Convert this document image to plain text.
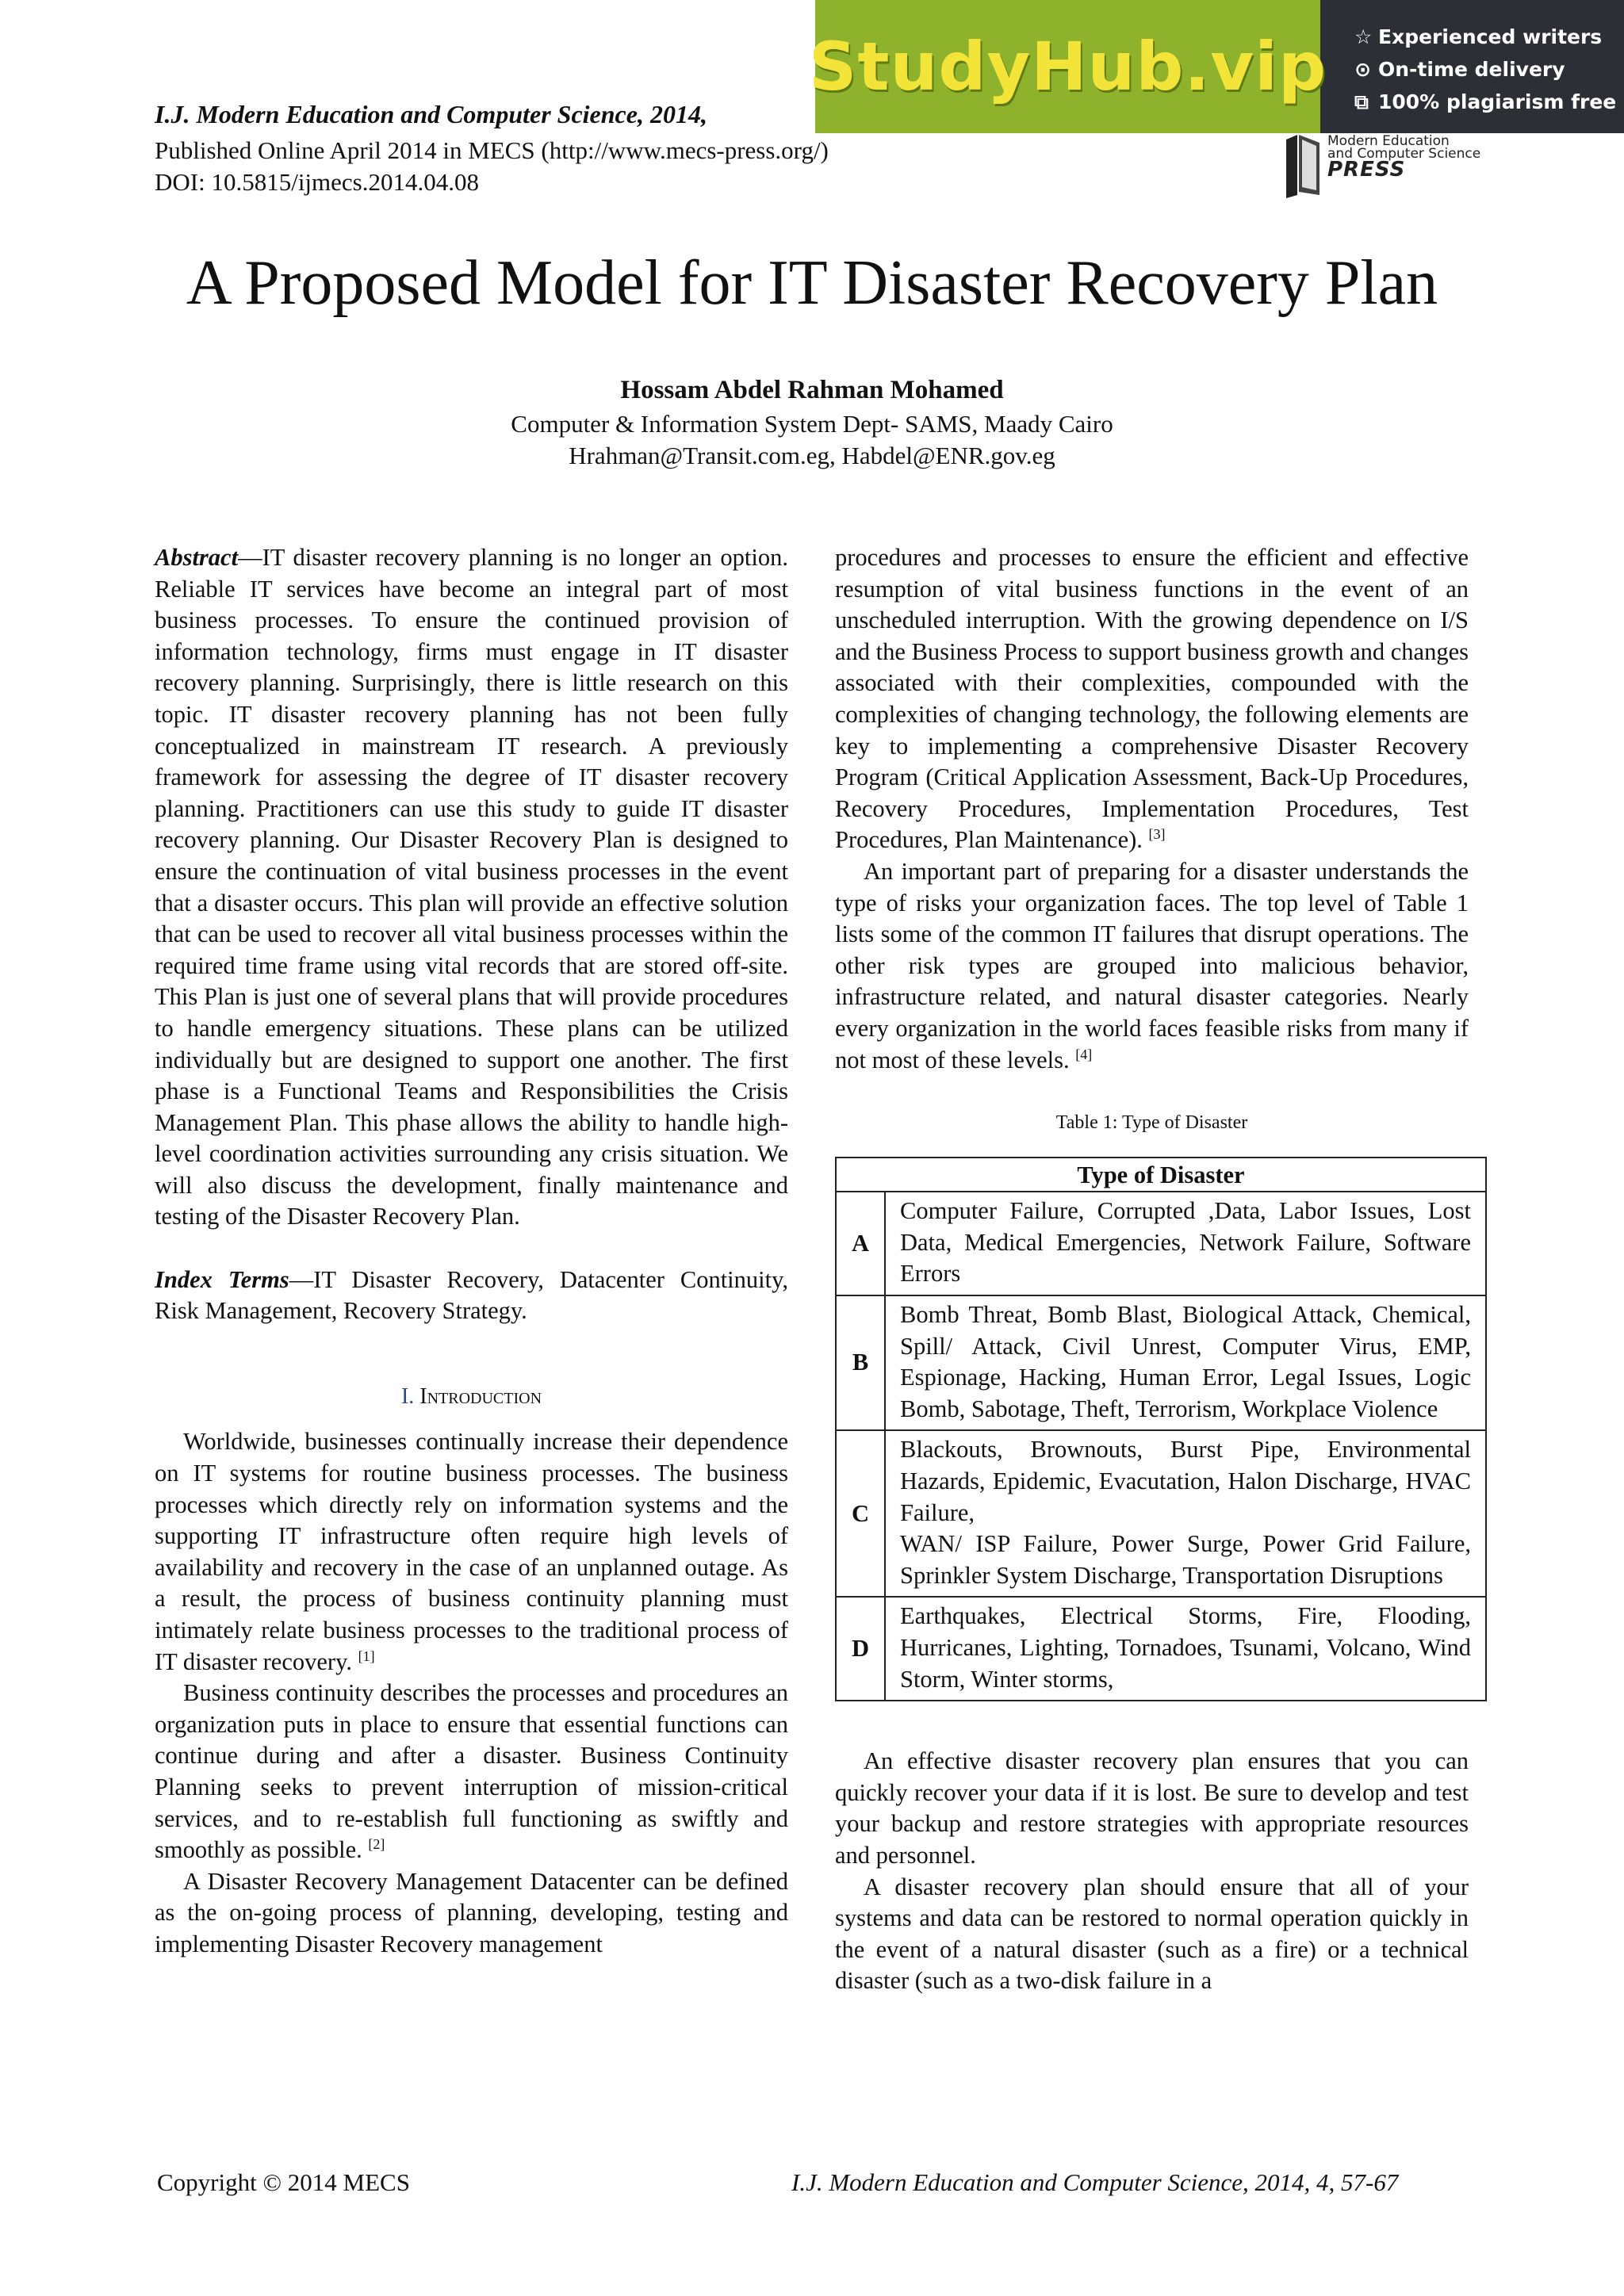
I.J. Modern Education and Computer Science, 2014,
Published Online April 2014 in MECS (http://www.mecs-press.org/)
DOI: 10.5815/ijmecs.2014.04.08
StudyHub.vip ☆ Experienced writers
⊙ On-time delivery
⧉ 100% plagiarism free
Modern Education
and Computer Science
PRESS
A Proposed Model for IT Disaster Recovery Plan
Hossam Abdel Rahman Mohamed
Computer & Information System Dept- SAMS, Maady Cairo
Hrahman@Transit.com.eg, Habdel@ENR.gov.eg

Abstract—IT disaster recovery planning is no longer an option. Reliable IT services have become an integral part of most business processes. To ensure the continued provision of information technology, firms must engage in IT disaster recovery planning. Surprisingly, there is little research on this topic. IT disaster recovery planning has not been fully conceptualized in mainstream IT research. A previously framework for assessing the degree of IT disaster recovery planning. Practitioners can use this study to guide IT disaster recovery planning. Our Disaster Recovery Plan is designed to ensure the continuation of vital business processes in the event that a disaster occurs. This plan will provide an effective solution that can be used to recover all vital business processes within the required time frame using vital records that are stored off-site. This Plan is just one of several plans that will provide procedures to handle emergency situations. These plans can be utilized individually but are designed to support one another. The first phase is a Functional Teams and Responsibilities the Crisis Management Plan. This phase allows the ability to handle high-level coordination activities surrounding any crisis situation. We will also discuss the development, finally maintenance and testing of the Disaster Recovery Plan.

Index Terms—IT Disaster Recovery, Datacenter Continuity, Risk Management, Recovery Strategy.

I. Introduction

Worldwide, businesses continually increase their dependence on IT systems for routine business processes. The business processes which directly rely on information systems and the supporting IT infrastructure often require high levels of availability and recovery in the case of an unplanned outage. As a result, the process of business continuity planning must intimately relate business processes to the traditional process of IT disaster recovery. [1]

Business continuity describes the processes and procedures an organization puts in place to ensure that essential functions can continue during and after a disaster. Business Continuity Planning seeks to prevent interruption of mission-critical services, and to re-establish full functioning as swiftly and smoothly as possible. [2]

A Disaster Recovery Management Datacenter can be defined as the on-going process of planning, developing, testing and implementing Disaster Recovery management

procedures and processes to ensure the efficient and effective resumption of vital business functions in the event of an unscheduled interruption. With the growing dependence on I/S and the Business Process to support business growth and changes associated with their complexities, compounded with the complexities of changing technology, the following elements are key to implementing a comprehensive Disaster Recovery Program (Critical Application Assessment, Back-Up Procedures, Recovery Procedures, Implementation Procedures, Test Procedures, Plan Maintenance). [3]

An important part of preparing for a disaster understands the type of risks your organization faces. The top level of Table 1 lists some of the common IT failures that disrupt operations. The other risk types are grouped into malicious behavior, infrastructure related, and natural disaster categories. Nearly every organization in the world faces feasible risks from many if not most of these levels. [4]

Table 1: Type of Disaster
Type of Disaster	
A	Computer Failure, Corrupted ,Data, Labor Issues, Lost Data, Medical Emergencies, Network Failure, Software Errors
B	Bomb Threat, Bomb Blast, Biological Attack, Chemical, Spill/ Attack, Civil Unrest, Computer Virus, EMP, Espionage, Hacking, Human Error, Legal Issues, Logic Bomb, Sabotage, Theft, Terrorism, Workplace Violence
C	Blackouts, Brownouts, Burst Pipe, Environmental Hazards, Epidemic, Evacutation, Halon Discharge, HVAC Failure,
WAN/ ISP Failure, Power Surge, Power Grid Failure, Sprinkler System Discharge, Transportation Disruptions

D	Earthquakes, Electrical Storms, Fire, Flooding, Hurricanes, Lighting, Tornadoes, Tsunami, Volcano, Wind Storm, Winter storms,

An effective disaster recovery plan ensures that you can quickly recover your data if it is lost. Be sure to develop and test your backup and restore strategies with appropriate resources and personnel.

A disaster recovery plan should ensure that all of your systems and data can be restored to normal operation quickly in the event of a natural disaster (such as a fire) or a technical disaster (such as a two-disk failure in a

Copyright © 2014 MECS	I.J. Modern Education and Computer Science, 2014, 4, 57-67
